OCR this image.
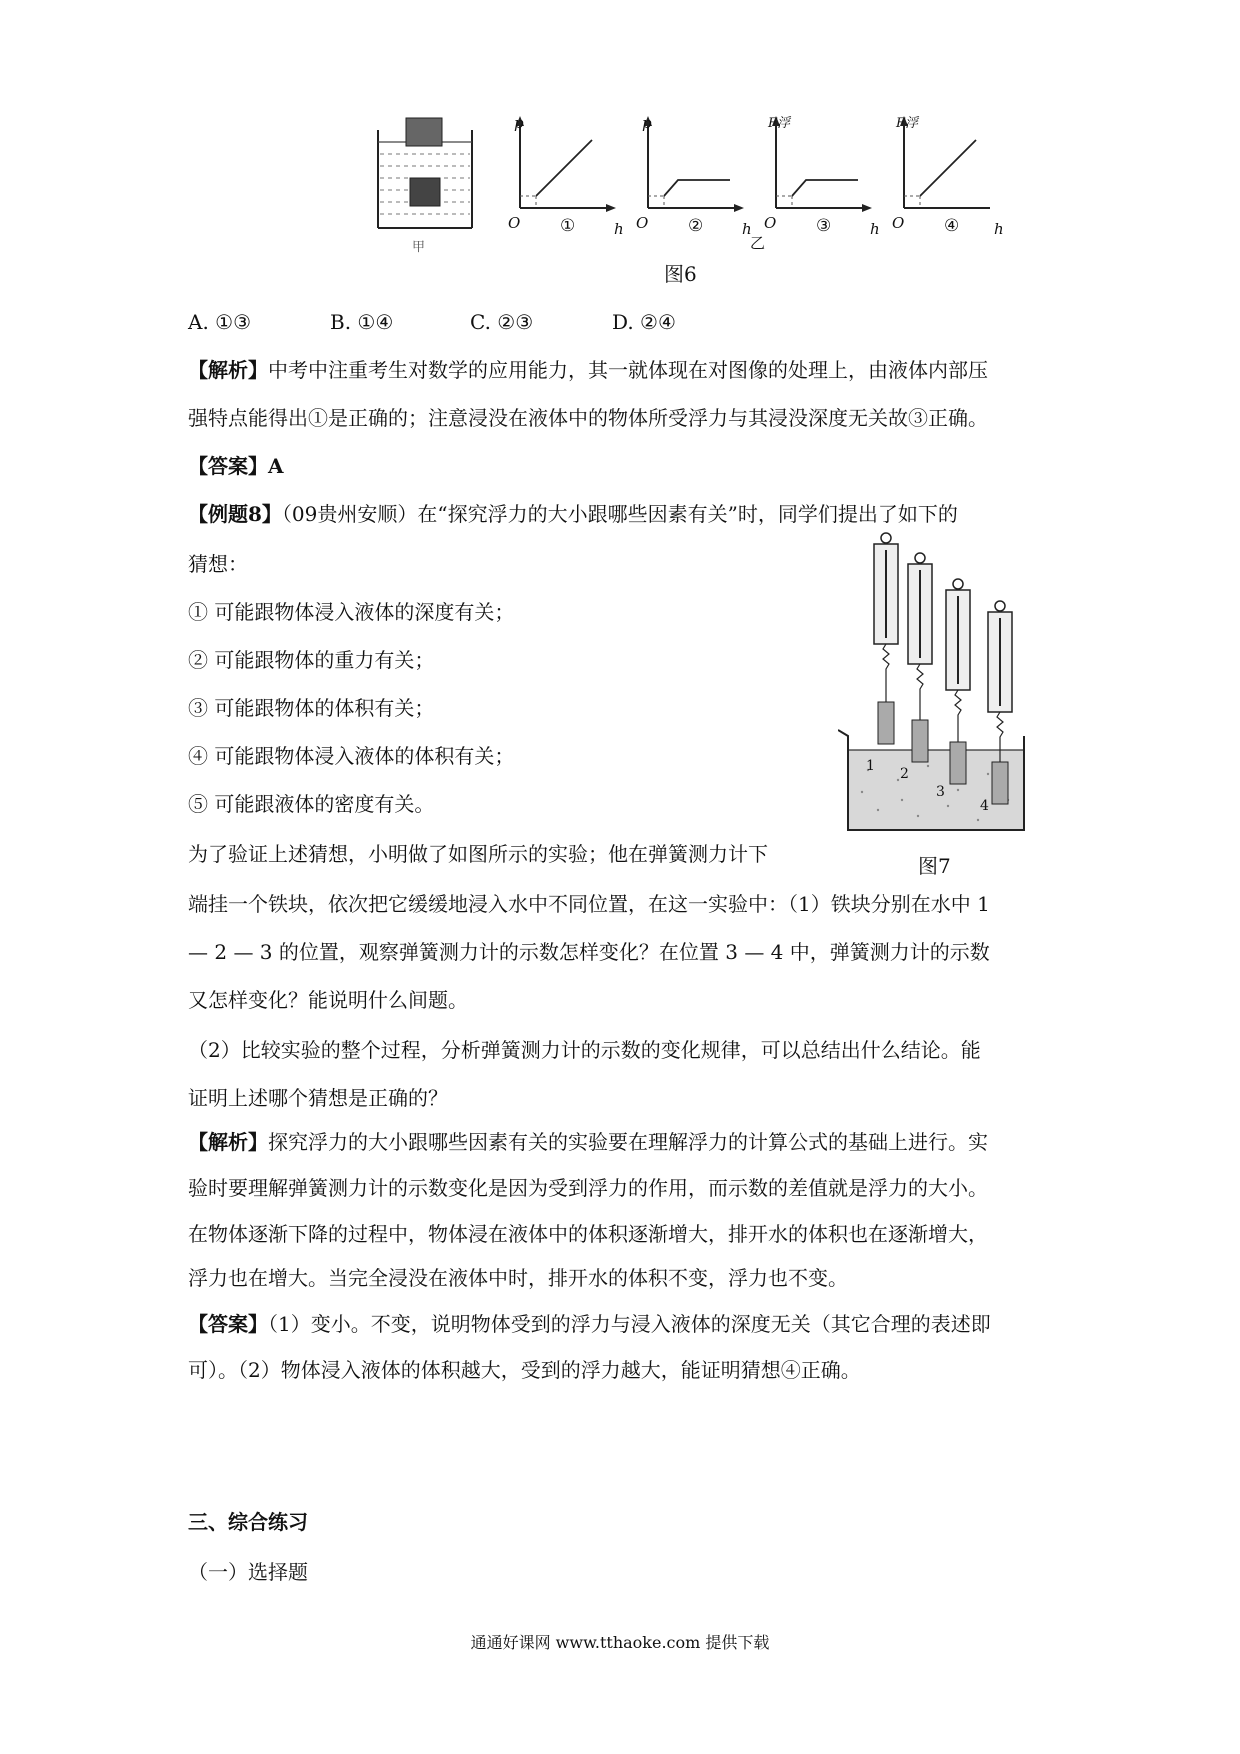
甲
p
O ①	h
p
O ②	h
F浮
O
乙
③	h
F浮
O ④ h
图6
A. ①③	B. ①④	C. ②③	D. ②④
【解析】中考中注重考生对数学的应用能力，其一就体现在对图像的处理上，由液体内部压
强特点能得出①是正确的；注意浸没在液体中的物体所受浮力与其浸没深度无关故③正确。
【答案】A
【例题8】（09贵州安顺）在“探究浮力的大小跟哪些因素有关”时，同学们提出了如下的
猜想：
① 可能跟物体浸入液体的深度有关；
② 可能跟物体的重力有关；
③ 可能跟物体的体积有关；
④ 可能跟物体浸入液体的体积有关；
⑤ 可能跟液体的密度有关。
为了验证上述猜想，小明做了如图所示的实验；他在弹簧测力计下
端挂一个铁块，依次把它缓缓地浸入水中不同位置，在这一实验中：（1）铁块分别在水中 1
— 2 — 3 的位置，观察弹簧测力计的示数怎样变化？在位置 3 — 4 中，弹簧测力计的示数
又怎样变化？能说明什么间题。
（2）比较实验的整个过程，分析弹簧测力计的示数的变化规律，可以总结出什么结论。能
证明上述哪个猜想是正确的？
1 2
3
4
图7
【解析】探究浮力的大小跟哪些因素有关的实验要在理解浮力的计算公式的基础上进行。实
验时要理解弹簧测力计的示数变化是因为受到浮力的作用，而示数的差值就是浮力的大小。
在物体逐渐下降的过程中，物体浸在液体中的体积逐渐增大，排开水的体积也在逐渐增大，
浮力也在增大。当完全浸没在液体中时，排开水的体积不变，浮力也不变。
【答案】（1）变小。不变，说明物体受到的浮力与浸入液体的深度无关（其它合理的表述即
可）。（2）物体浸入液体的体积越大，受到的浮力越大，能证明猜想④正确。
三、综合练习
（一）选择题
通通好课网 www.tthaoke.com 提供下载
